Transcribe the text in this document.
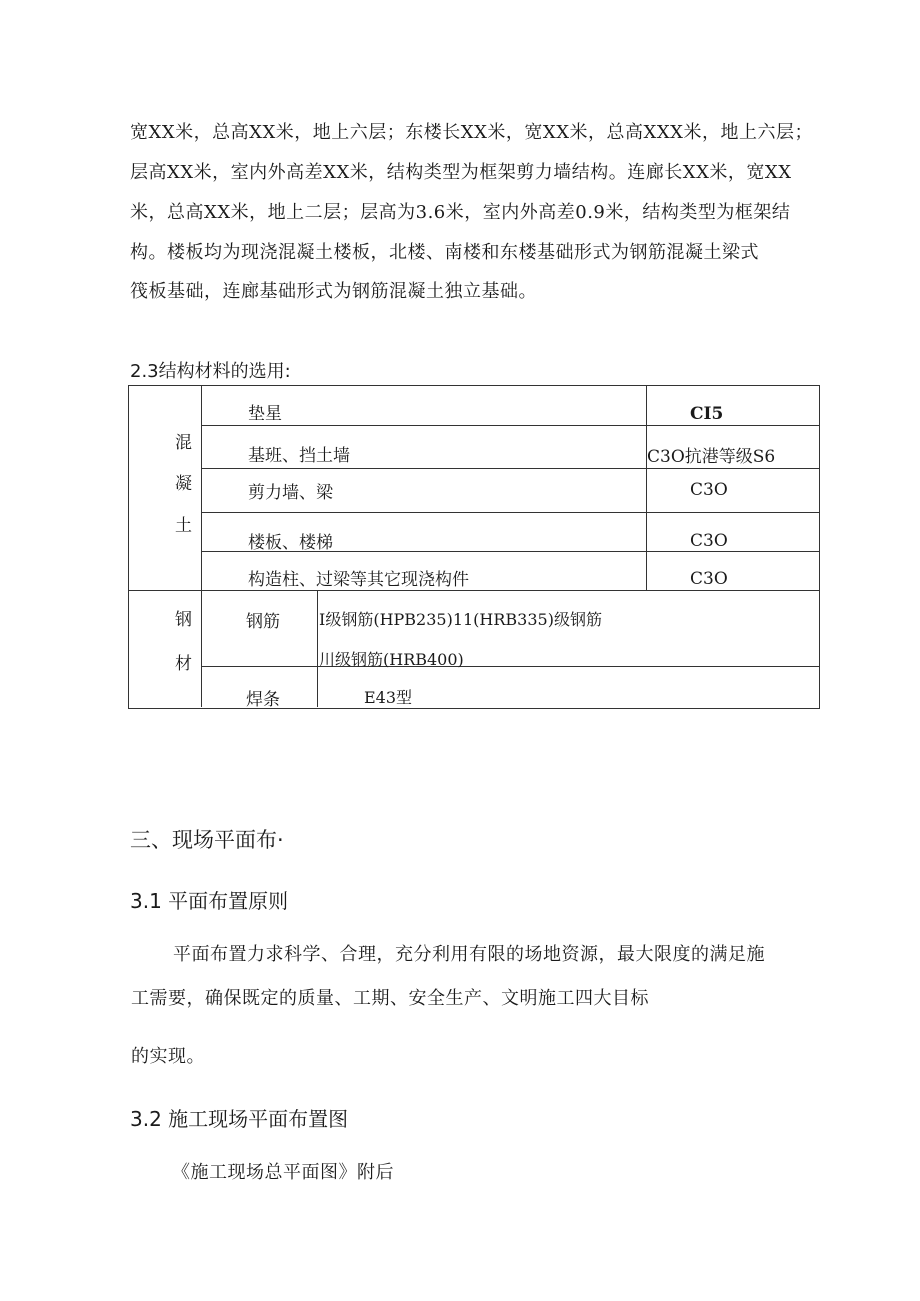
宽XX米，总高XX米，地上六层；东楼长XX米，宽XX米，总高XXX米，地上六层；
层高XX米，室内外高差XX米，结构类型为框架剪力墙结构。连廊长XX米，宽XX
米，总高XX米，地上二层；层高为3.6米，室内外高差0.9米，结构类型为框架结
构。楼板均为现浇混凝土楼板，北楼、南楼和东楼基础形式为钢筋混凝土梁式
筏板基础，连廊基础形式为钢筋混凝土独立基础。
2.3结构材料的选用:
混
凝
土
垫星	CI5
基班、挡土墙	C3O抗港等级S6
剪力墙、梁	C3O
楼板、楼梯	C3O
构造柱、过梁等其它现浇构件	C3O
钢
材
钢筋 I级钢筋(HPB235)11(HRB335)级钢筋
川级钢筋(HRB400)
焊条	E43型
三、现场平面布·
3.1 平面布置原则
平面布置力求科学、合理，充分利用有限的场地资源，最大限度的满足施
工需要，确保既定的质量、工期、安全生产、文明施工四大目标
的实现。
3.2 施工现场平面布置图
《施工现场总平面图》附后
